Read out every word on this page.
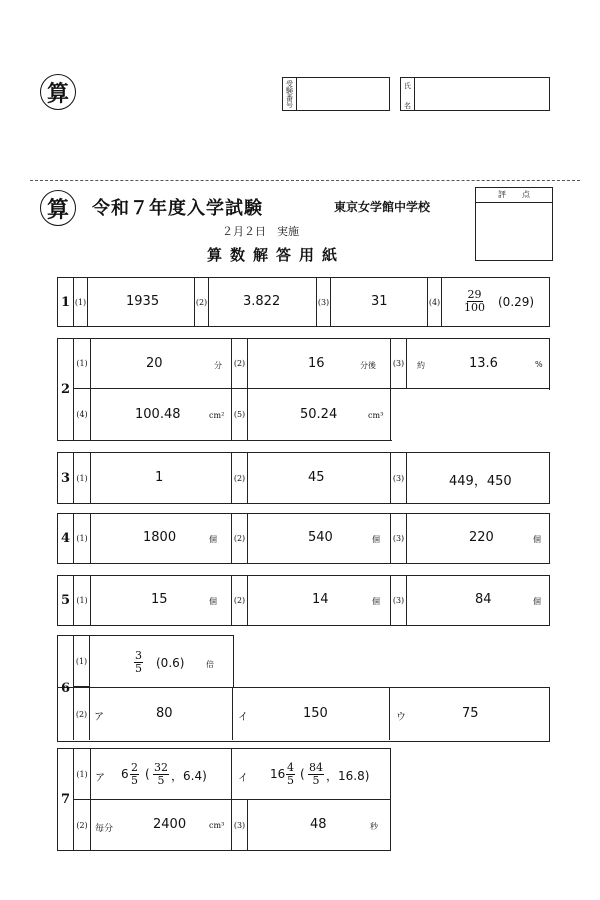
算	受験番号	氏
名
算 令和７年度入学試験	東京女学館中学校
２月２日　実施
算数解答用紙
評　　点
1 (1)	1935	(2)	3.822	(3)	31	$(4) \frac{29}{100} (0.29)$
2
(1)	20	分 (2)	16	分後 (3)	約	13.6	%
(4)	100.48	cm² (5)	50.24	cm³
3 (1)	1	(2)	45	(3)	449，450
4 (1)	1800	個 (2)	540	個 (3)	220	個
5 (1)	15	個 (2)	14	個 (3)	84	個
6
(1)	$\frac{3}{5} (0.6)$	倍
(2) ア	80	イ	150	ウ	75
7
(1) ア $6 \frac{2}{5}$ ( $\frac{32}{5}$ ，6.4)	イ $16 \frac{4}{5}$ ( $\frac{84}{5}$ ，16.8)
(2) 毎分	2400	cm³ (3)	48	秒
